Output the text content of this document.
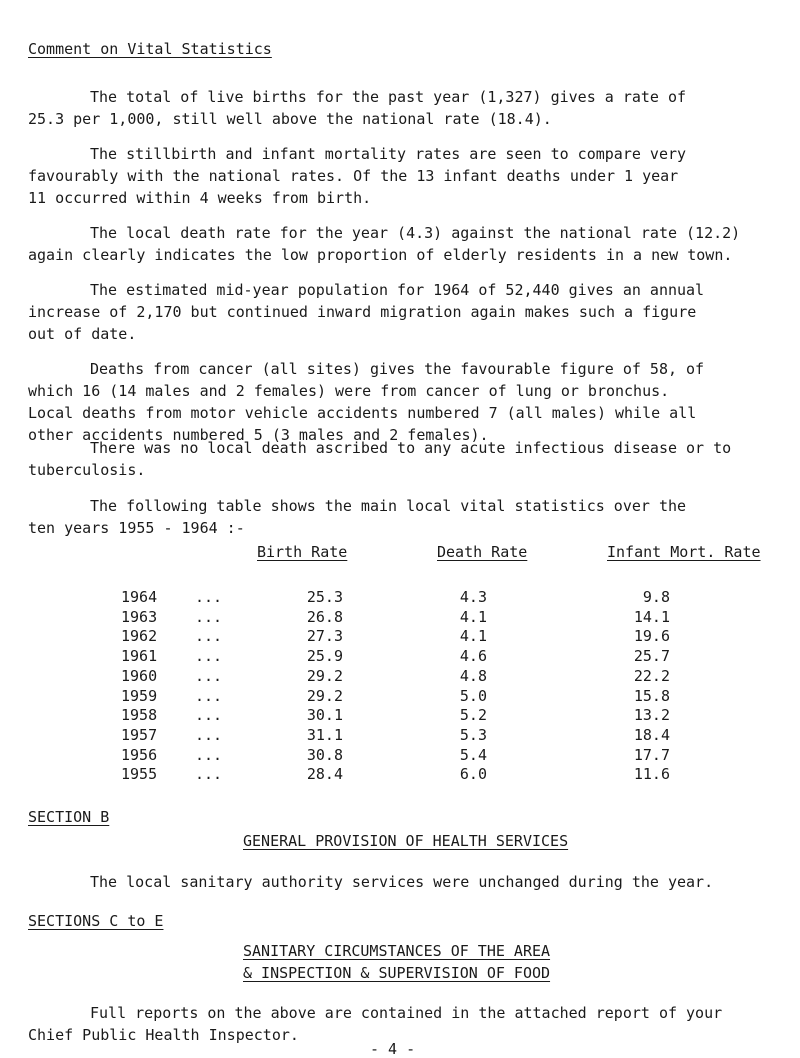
Comment on Vital Statistics
The total of live births for the past year (1,327) gives a rate of
25.3 per 1,000, still well above the national rate (18.4).
The stillbirth and infant mortality rates are seen to compare very
favourably with the national rates. Of the 13 infant deaths under 1 year
11 occurred within 4 weeks from birth.
The local death rate for the year (4.3) against the national rate (12.2)
again clearly indicates the low proportion of elderly residents in a new town.
The estimated mid-year population for 1964 of 52,440 gives an annual
increase of 2,170 but continued inward migration again makes such a figure
out of date.
Deaths from cancer (all sites) gives the favourable figure of 58, of
which 16 (14 males and 2 females) were from cancer of lung or bronchus.
Local deaths from motor vehicle accidents numbered 7 (all males) while all
other accidents numbered 5 (3 males and 2 females).
There was no local death ascribed to any acute infectious disease or to
tuberculosis.
The following table shows the main local vital statistics over the
ten years 1955 - 1964 :-
Birth Rate	Death Rate	Infant Mort. Rate
1964	...	25.3	4.3	9.8
1963	...	26.8	4.1	14.1
1962	...	27.3	4.1	19.6
1961	...	25.9	4.6	25.7
1960	...	29.2	4.8	22.2
1959	...	29.2	5.0	15.8
1958	...	30.1	5.2	13.2
1957	...	31.1	5.3	18.4
1956	...	30.8	5.4	17.7
1955	...	28.4	6.0	11.6
SECTION B
GENERAL PROVISION OF HEALTH SERVICES
The local sanitary authority services were unchanged during the year.
SECTIONS C to E
SANITARY CIRCUMSTANCES OF THE AREA
& INSPECTION & SUPERVISION OF FOOD
Full reports on the above are contained in the attached report of your
Chief Public Health Inspector.
- 4 -
